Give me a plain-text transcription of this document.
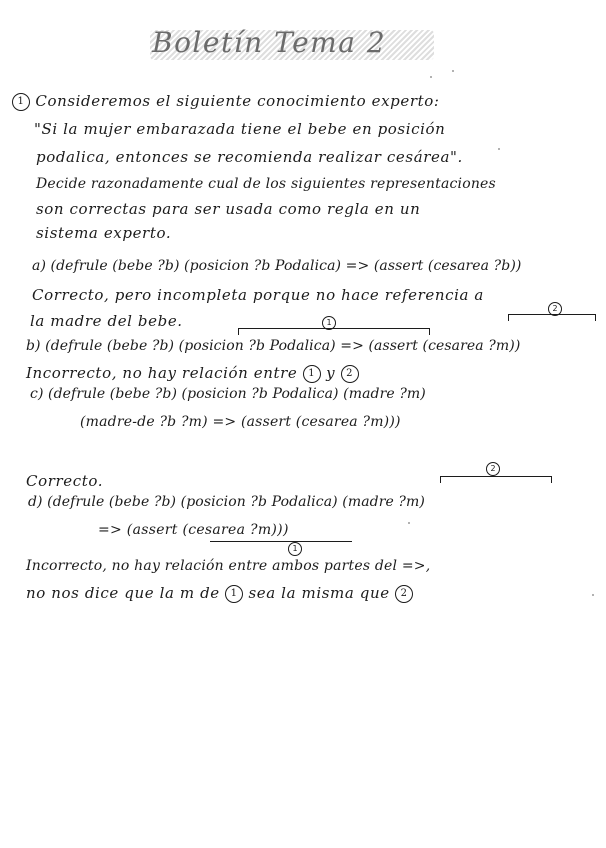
Boletín Tema 2
1 Consideremos el siguiente conocimiento experto:
"Si la mujer embarazada tiene el bebe en posición
podalica, entonces se recomienda realizar cesárea".
Decide razonadamente cual de los siguientes representaciones
son correctas para ser usada como regla en un
sistema experto.
a) (defrule (bebe ?b) (posicion ?b Podalica) => (assert (cesarea ?b))
Correcto, pero incompleta porque no hace referencia a
la madre del bebe.	1
2
b) (defrule (bebe ?b) (posicion ?b Podalica) => (assert (cesarea ?m))
Incorrecto, no hay relación entre 1 y 2
c) (defrule (bebe ?b) (posicion ?b Podalica) (madre ?m)
(madre-de ?b ?m) => (assert (cesarea ?m)))
Correcto.
2
d) (defrule (bebe ?b) (posicion ?b Podalica) (madre ?m)
=> (assert (cesarea ?m)))
1
Incorrecto, no hay relación entre ambos partes del =>,
no nos dice que la m de 1 sea la misma que 2
